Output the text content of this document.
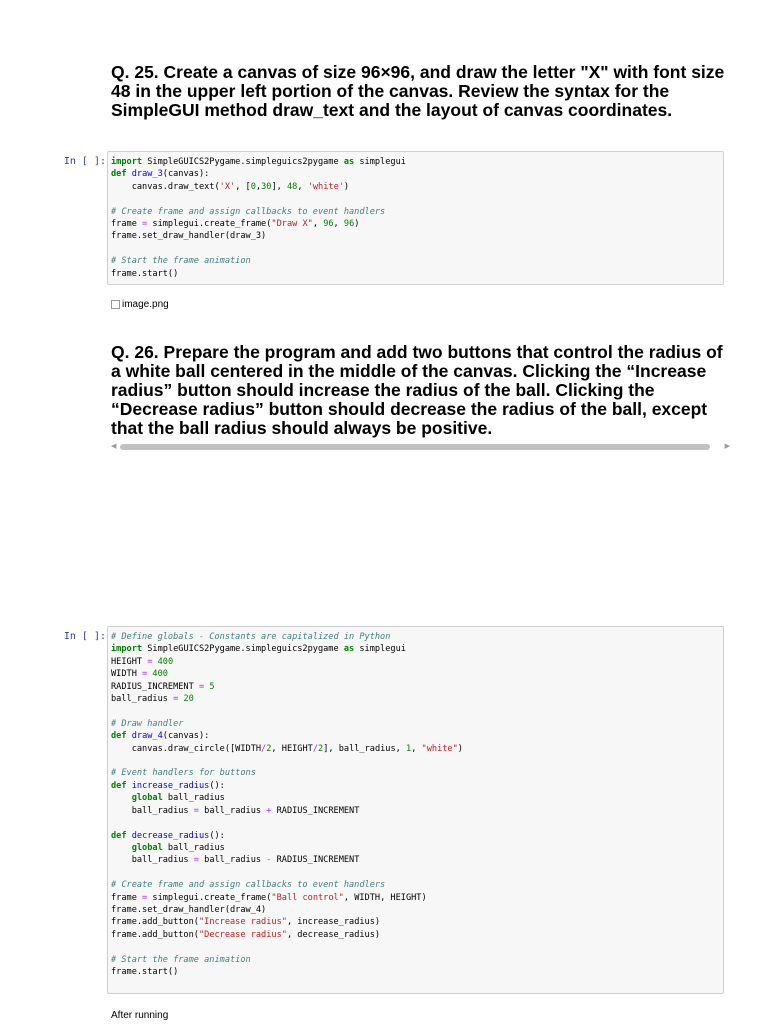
Q. 25. Create a canvas of size 96×96, and draw the letter "X" with font size 48 in the upper left portion of the canvas. Review the syntax for the SimpleGUI method draw_text and the layout of canvas coordinates.
In [ ]: import SimpleGUICS2Pygame.simpleguics2pygame as simplegui
def draw_3(canvas):
canvas.draw_text('X', [0,30], 48, 'white')

# Create frame and assign callbacks to event handlers
frame = simplegui.create_frame("Draw X", 96, 96)
frame.set_draw_handler(draw_3)

# Start the frame animation
frame.start()
image.png
Q. 26. Prepare the program and add two buttons that control the radius of a white ball centered in the middle of the canvas. Clicking the “Increase radius” button should increase the radius of the ball. Clicking the “Decrease radius” button should decrease the radius of the ball, except that the ball radius should always be positive.
◀	▶
In [ ]: # Define globals - Constants are capitalized in Python
import SimpleGUICS2Pygame.simpleguics2pygame as simplegui
HEIGHT = 400
WIDTH = 400
RADIUS_INCREMENT = 5
ball_radius = 20

# Draw handler
def draw_4(canvas):
canvas.draw_circle([WIDTH/2, HEIGHT/2], ball_radius, 1, "white")

# Event handlers for buttons
def increase_radius():
global ball_radius
ball_radius = ball_radius + RADIUS_INCREMENT

def decrease_radius():
global ball_radius
ball_radius = ball_radius - RADIUS_INCREMENT

# Create frame and assign callbacks to event handlers
frame = simplegui.create_frame("Ball control", WIDTH, HEIGHT)
frame.set_draw_handler(draw_4)
frame.add_button("Increase radius", increase_radius)
frame.add_button("Decrease radius", decrease_radius)

# Start the frame animation
frame.start()
After running
